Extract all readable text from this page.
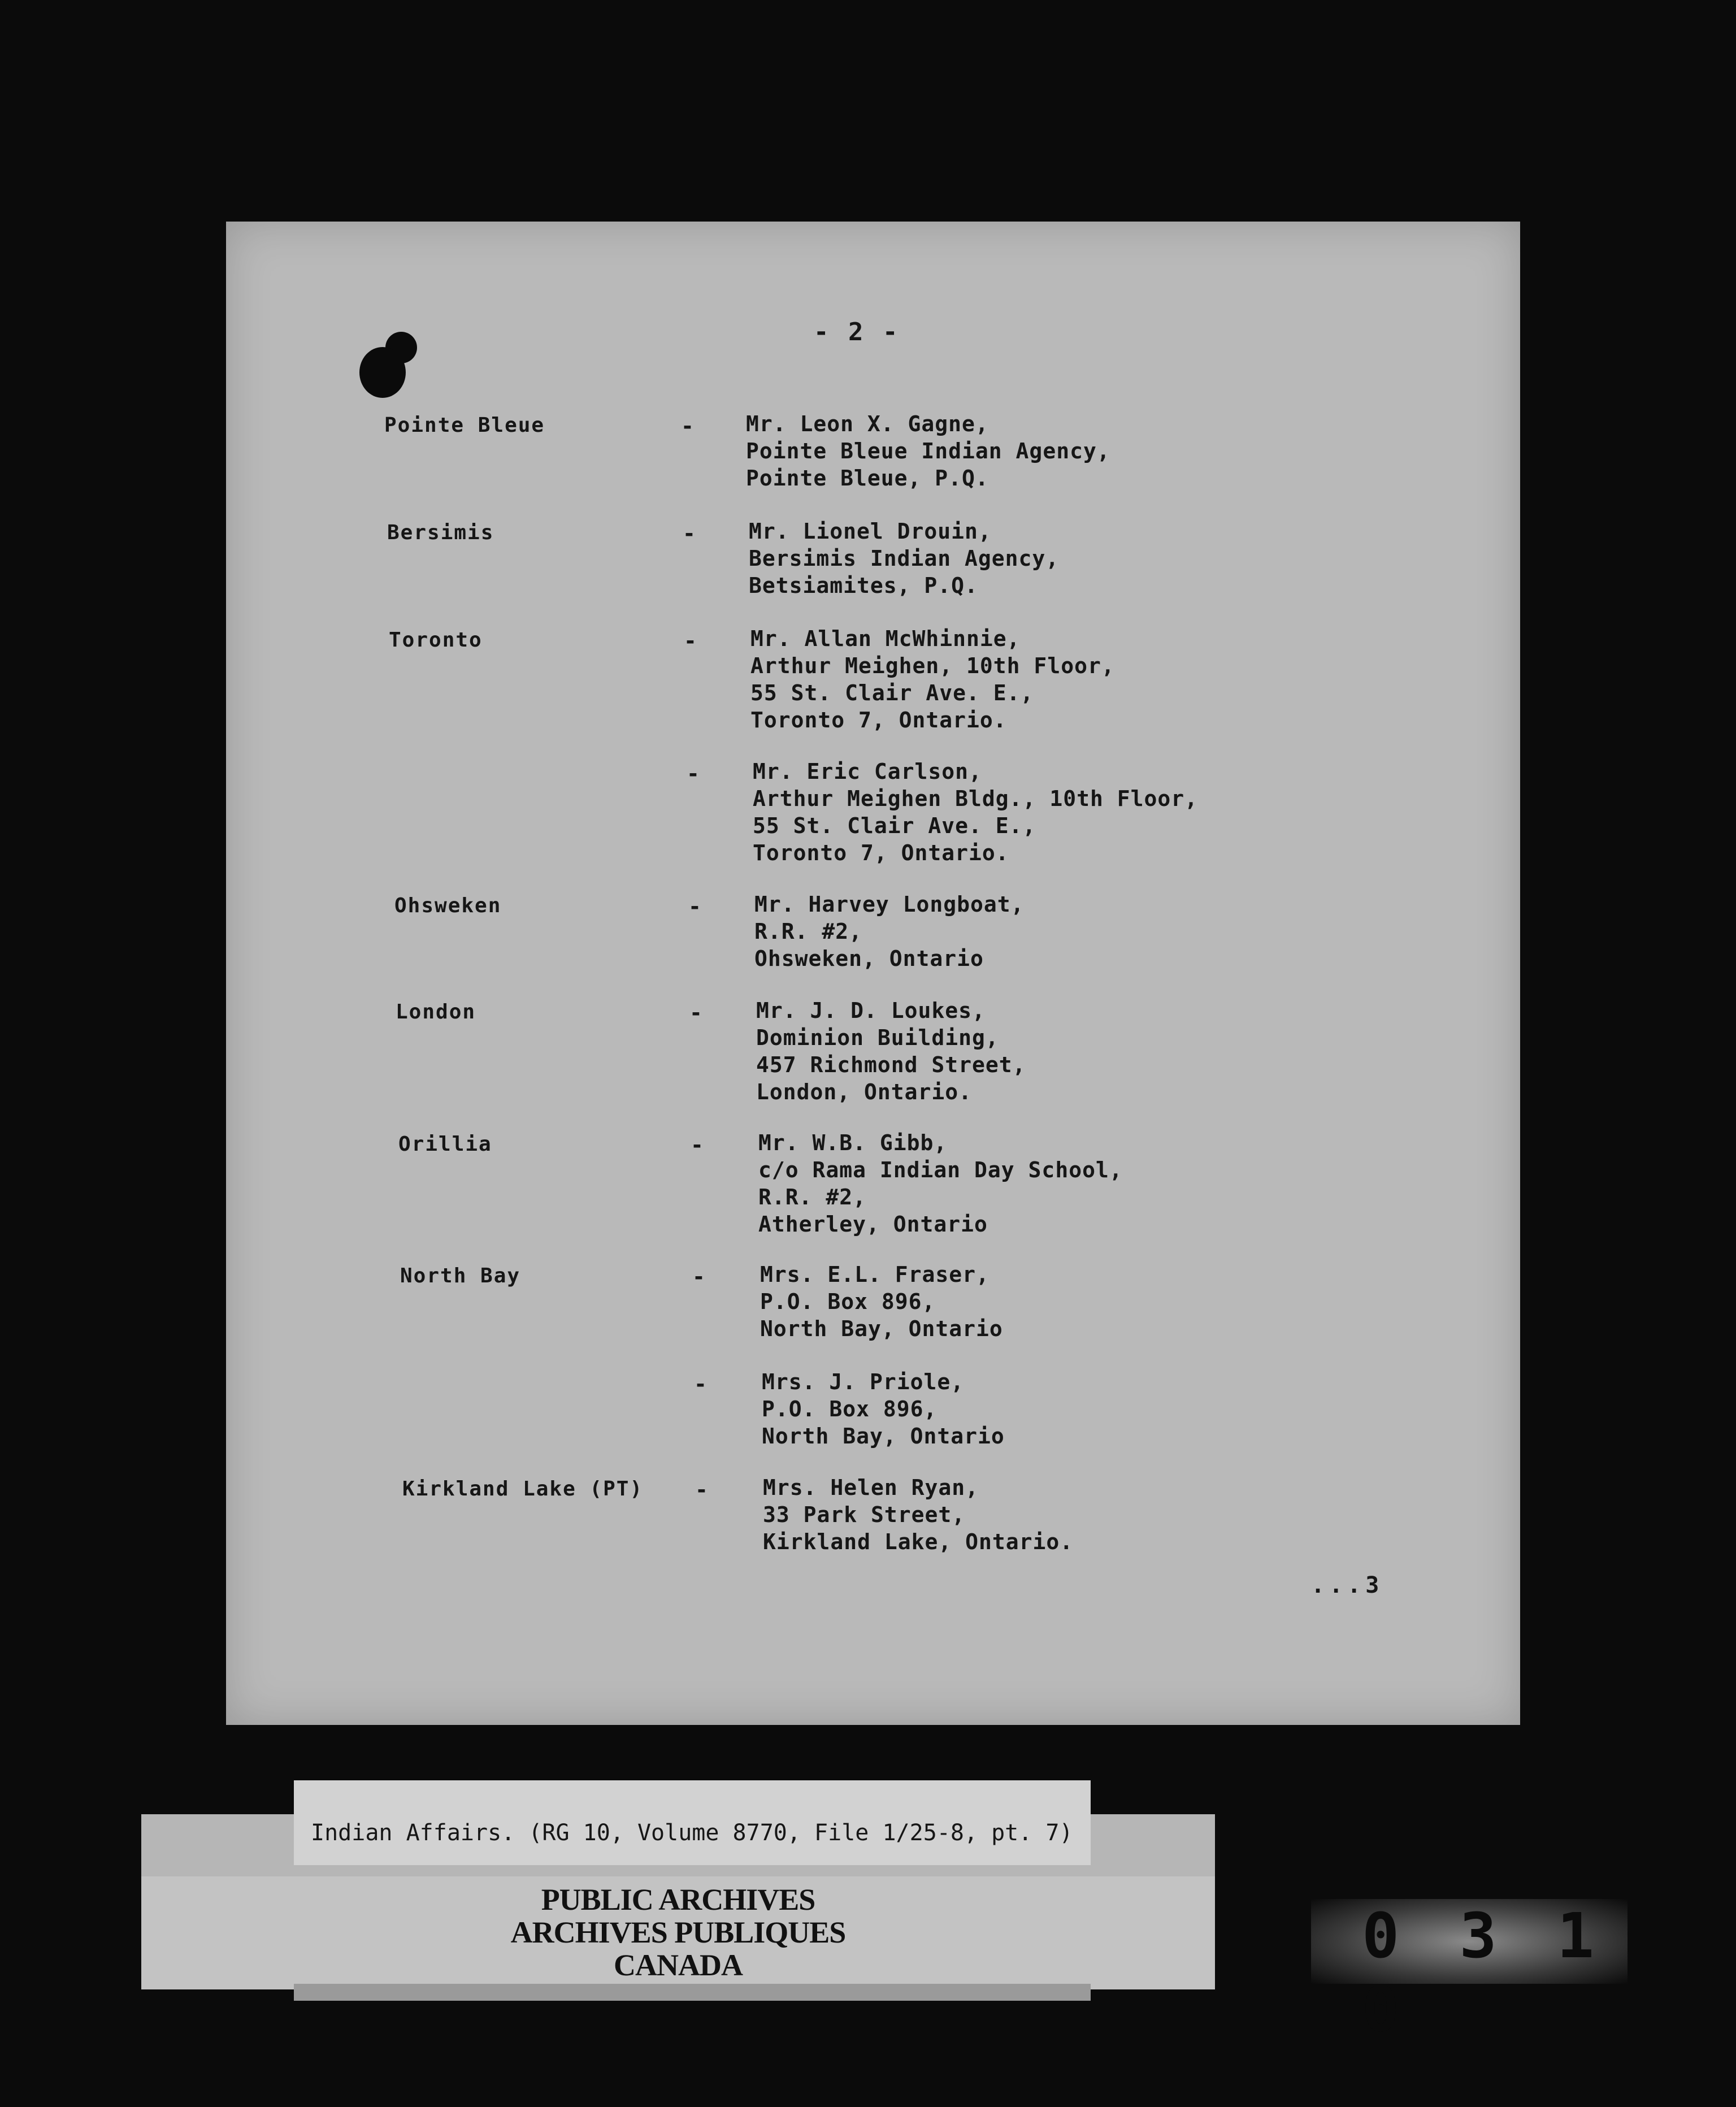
- 2 -
Pointe Bleue	- Mr. Leon X. Gagne,
Pointe Bleue Indian Agency,
Pointe Bleue, P.Q.
Bersimis	- Mr. Lionel Drouin,
Bersimis Indian Agency,
Betsiamites, P.Q.
Toronto	-	Mr. Allan McWhinnie,
Arthur Meighen, 10th Floor,
55 St. Clair Ave. E.,
Toronto 7, Ontario.
- Mr. Eric Carlson,
Arthur Meighen Bldg., 10th Floor,
55 St. Clair Ave. E.,
Toronto 7, Ontario.
Ohsweken	- Mr. Harvey Longboat,
R.R. #2,
Ohsweken, Ontario
London	-	Mr. J. D. Loukes,
Dominion Building,
457 Richmond Street,
London, Ontario.
Orillia	-	Mr. W.B. Gibb,
c/o Rama Indian Day School,
R.R. #2,
Atherley, Ontario
North Bay	-	Mrs. E.L. Fraser,
P.O. Box 896,
North Bay, Ontario
-	Mrs. J. Priole,
P.O. Box 896,
North Bay, Ontario
Kirkland Lake (PT) -	Mrs. Helen Ryan,
33 Park Street,
Kirkland Lake, Ontario.
...3
PUBLIC ARCHIVES
ARCHIVES PUBLIQUES
CANADA
Indian Affairs. (RG 10, Volume 8770, File 1/25-8, pt. 7)
0 3 1 0
